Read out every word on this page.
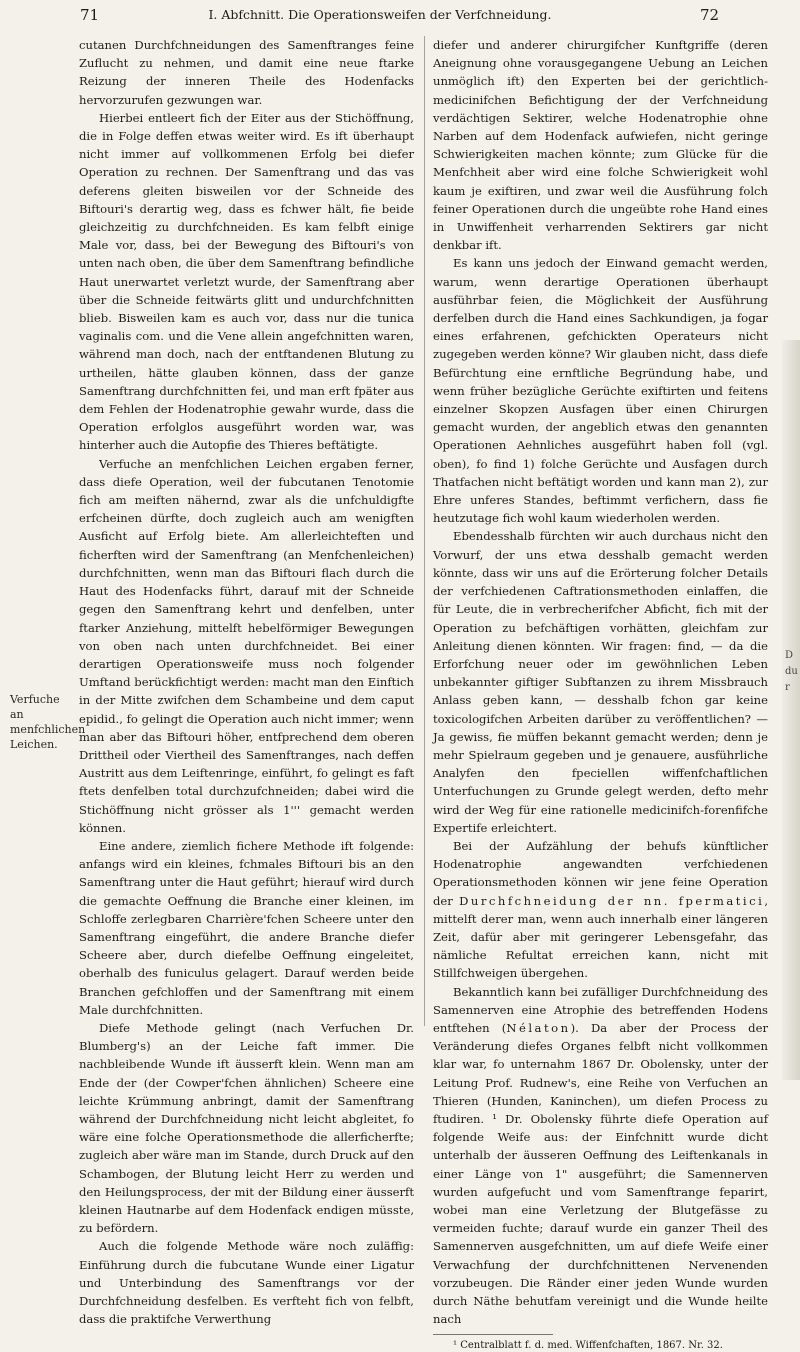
71	I. Abfchnitt. Die Operationsweifen der Verfchneidung.	72
Verfuche an menfchlichen Leichen.

cutanen Durchfchneidungen des Samenftranges feine Zuflucht zu nehmen, und damit eine neue ftarke Reizung der inneren Theile des Hodenfacks hervorzurufen gezwungen war.

Hierbei entleert fich der Eiter aus der Stichöffnung, die in Folge deffen etwas weiter wird. Es ift überhaupt nicht immer auf vollkommenen Erfolg bei diefer Operation zu rechnen. Der Samenftrang und das vas deferens gleiten bisweilen vor der Schneide des Biftouri's derartig weg, dass es fchwer hält, fie beide gleichzeitig zu durchfchneiden. Es kam felbft einige Male vor, dass, bei der Bewegung des Biftouri's von unten nach oben, die über dem Samenftrang befindliche Haut unerwartet verletzt wurde, der Samenftrang aber über die Schneide feitwärts glitt und undurchfchnitten blieb. Bisweilen kam es auch vor, dass nur die tunica vaginalis com. und die Vene allein angefchnitten waren, während man doch, nach der entftandenen Blutung zu urtheilen, hätte glauben können, dass der ganze Samenftrang durchfchnitten fei, und man erft fpäter aus dem Fehlen der Hodenatrophie gewahr wurde, dass die Operation erfolglos ausgeführt worden war, was hinterher auch die Autopfie des Thieres beftätigte.

Verfuche an menfchlichen Leichen ergaben ferner, dass diefe Operation, weil der fubcutanen Tenotomie fich am meiften nähernd, zwar als die unfchuldigfte erfcheinen dürfte, doch zugleich auch am wenigften Ausficht auf Erfolg biete. Am allerleichteften und ficherften wird der Samenftrang (an Menfchenleichen) durchfchnitten, wenn man das Biftouri flach durch die Haut des Hodenfacks führt, darauf mit der Schneide gegen den Samenftrang kehrt und denfelben, unter ftarker Anziehung, mittelft hebelförmiger Bewegungen von oben nach unten durchfchneidet. Bei einer derartigen Operationsweife muss noch folgender Umftand berückfichtigt werden: macht man den Einftich in der Mitte zwifchen dem Schambeine und dem caput epidid., fo gelingt die Operation auch nicht immer; wenn man aber das Biftouri höher, entfprechend dem oberen Drittheil oder Viertheil des Samenftranges, nach deffen Austritt aus dem Leiftenringe, einführt, fo gelingt es faft ftets denfelben total durchzufchneiden; dabei wird die Stichöffnung nicht grösser als 1''' gemacht werden können.

Eine andere, ziemlich fichere Methode ift folgende: anfangs wird ein kleines, fchmales Biftouri bis an den Samenftrang unter die Haut geführt; hierauf wird durch die gemachte Oeffnung die Branche einer kleinen, im Schloffe zerlegbaren Charrière'fchen Scheere unter den Samenftrang eingeführt, die andere Branche diefer Scheere aber, durch diefelbe Oeffnung eingeleitet, oberhalb des funiculus gelagert. Darauf werden beide Branchen gefchloffen und der Samenftrang mit einem Male durchfchnitten.

Diefe Methode gelingt (nach Verfuchen Dr. Blumberg's) an der Leiche faft immer. Die nachbleibende Wunde ift äusserft klein. Wenn man am Ende der (der Cowper'fchen ähnlichen) Scheere eine leichte Krümmung anbringt, damit der Samenftrang während der Durchfchneidung nicht leicht abgleitet, fo wäre eine folche Operationsmethode die allerficherfte; zugleich aber wäre man im Stande, durch Druck auf den Schambogen, der Blutung leicht Herr zu werden und den Heilungsprocess, der mit der Bildung einer äusserft kleinen Hautnarbe auf dem Hodenfack endigen müsste, zu befördern.

Auch die folgende Methode wäre noch zuläffig: Einführung durch die fubcutane Wunde einer Ligatur und Unterbindung des Samenftrangs vor der Durchfchneidung desfelben. Es verfteht fich von felbft, dass die praktifche Verwerthung

diefer und anderer chirurgifcher Kunftgriffe (deren Aneignung ohne vorausgegangene Uebung an Leichen unmöglich ift) den Experten bei der gerichtlich-medicinifchen Befichtigung der der Verfchneidung verdächtigen Sektirer, welche Hodenatrophie ohne Narben auf dem Hodenfack aufwiefen, nicht geringe Schwierigkeiten machen könnte; zum Glücke für die Menfchheit aber wird eine folche Schwierigkeit wohl kaum je exiftiren, und zwar weil die Ausführung folch feiner Operationen durch die ungeübte rohe Hand eines in Unwiffenheit verharrenden Sektirers gar nicht denkbar ift.

Es kann uns jedoch der Einwand gemacht werden, warum, wenn derartige Operationen überhaupt ausführbar feien, die Möglichkeit der Ausführung derfelben durch die Hand eines Sachkundigen, ja fogar eines erfahrenen, gefchickten Operateurs nicht zugegeben werden könne? Wir glauben nicht, dass diefe Befürchtung eine ernftliche Begründung habe, und wenn früher bezügliche Gerüchte exiftirten und feitens einzelner Skopzen Ausfagen über einen Chirurgen gemacht wurden, der angeblich etwas den genannten Operationen Aehnliches ausgeführt haben foll (vgl. oben), fo find 1) folche Gerüchte und Ausfagen durch Thatfachen nicht beftätigt worden und kann man 2), zur Ehre unferes Standes, beftimmt verfichern, dass fie heutzutage fich wohl kaum wiederholen werden.

Ebendesshalb fürchten wir auch durchaus nicht den Vorwurf, der uns etwa desshalb gemacht werden könnte, dass wir uns auf die Erörterung folcher Details der verfchiedenen Caftrationsmethoden einlaffen, die für Leute, die in verbrecherifcher Abficht, fich mit der Operation zu befchäftigen vorhätten, gleichfam zur Anleitung dienen könnten. Wir fragen: find, — da die Erforfchung neuer oder im gewöhnlichen Leben unbekannter giftiger Subftanzen zu ihrem Missbrauch Anlass geben kann, — desshalb fchon gar keine toxicologifchen Arbeiten darüber zu veröffentlichen? — Ja gewiss, fie müffen bekannt gemacht werden; denn je mehr Spielraum gegeben und je genauere, ausführliche Analyfen den fpeciellen wiffenfchaftlichen Unterfuchungen zu Grunde gelegt werden, defto mehr wird der Weg für eine rationelle medicinifch-forenfifche Expertife erleichtert.

Bei der Aufzählung der behufs künftlicher Hodenatrophie angewandten verfchiedenen Operationsmethoden können wir jene feine Operation der Durchfchneidung der nn. fpermatici, mittelft derer man, wenn auch innerhalb einer längeren Zeit, dafür aber mit geringerer Lebensgefahr, das nämliche Refultat erreichen kann, nicht mit Stillfchweigen übergehen.

Bekanntlich kann bei zufälliger Durchfchneidung des Samennerven eine Atrophie des betreffenden Hodens entftehen (Nélaton). Da aber der Process der Veränderung diefes Organes felbft nicht vollkommen klar war, fo unternahm 1867 Dr. Obolensky, unter der Leitung Prof. Rudnew's, eine Reihe von Verfuchen an Thieren (Hunden, Kaninchen), um diefen Process zu ftudiren. ¹ Dr. Obolensky führte diefe Operation auf folgende Weife aus: der Einfchnitt wurde dicht unterhalb der äusseren Oeffnung des Leiftenkanals in einer Länge von 1" ausgeführt; die Samennerven wurden aufgefucht und vom Samenftrange feparirt, wobei man eine Verletzung der Blutgefässe zu vermeiden fuchte; darauf wurde ein ganzer Theil des Samennerven ausgefchnitten, um auf diefe Weife einer Verwachfung der durchfchnittenen Nervenenden vorzubeugen. Die Ränder einer jeden Wunde wurden durch Näthe behutfam vereinigt und die Wunde heilte nach

¹ Centralblatt f. d. med. Wiffenfchaften, 1867. Nr. 32.

D
du
r
